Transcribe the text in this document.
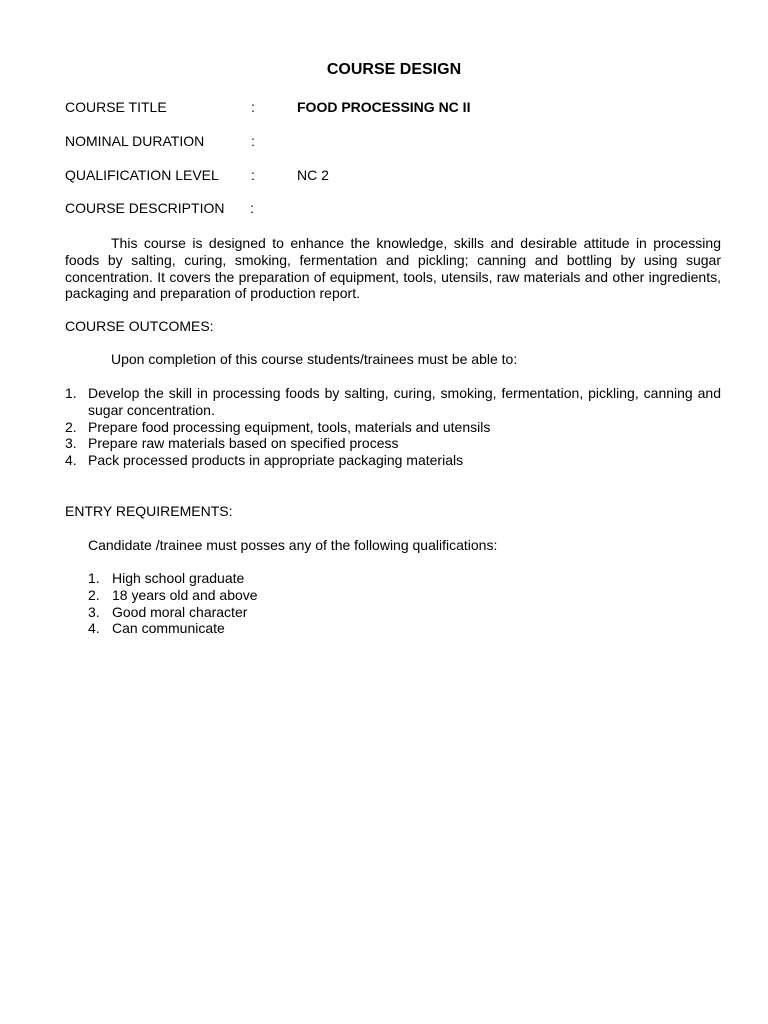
COURSE DESIGN
COURSE TITLE	:	FOOD PROCESSING NC II
NOMINAL DURATION	:
QUALIFICATION LEVEL :	NC 2
COURSE DESCRIPTION :

This course is designed to enhance the knowledge, skills and desirable attitude in processing foods by salting, curing, smoking, fermentation and pickling; canning and bottling by using sugar concentration. It covers the preparation of equipment, tools, utensils, raw materials and other ingredients, packaging and preparation of production report.

COURSE OUTCOMES:
Upon completion of this course students/trainees must be able to:
1. Develop the skill in processing foods by salting, curing, smoking, fermentation, pickling, canning and sugar concentration.
2. Prepare food processing equipment, tools, materials and utensils
3. Prepare raw materials based on specified process
4. Pack processed products in appropriate packaging materials
ENTRY REQUIREMENTS:
Candidate /trainee must posses any of the following qualifications:
1. High school graduate
2. 18 years old and above
3. Good moral character
4. Can communicate
